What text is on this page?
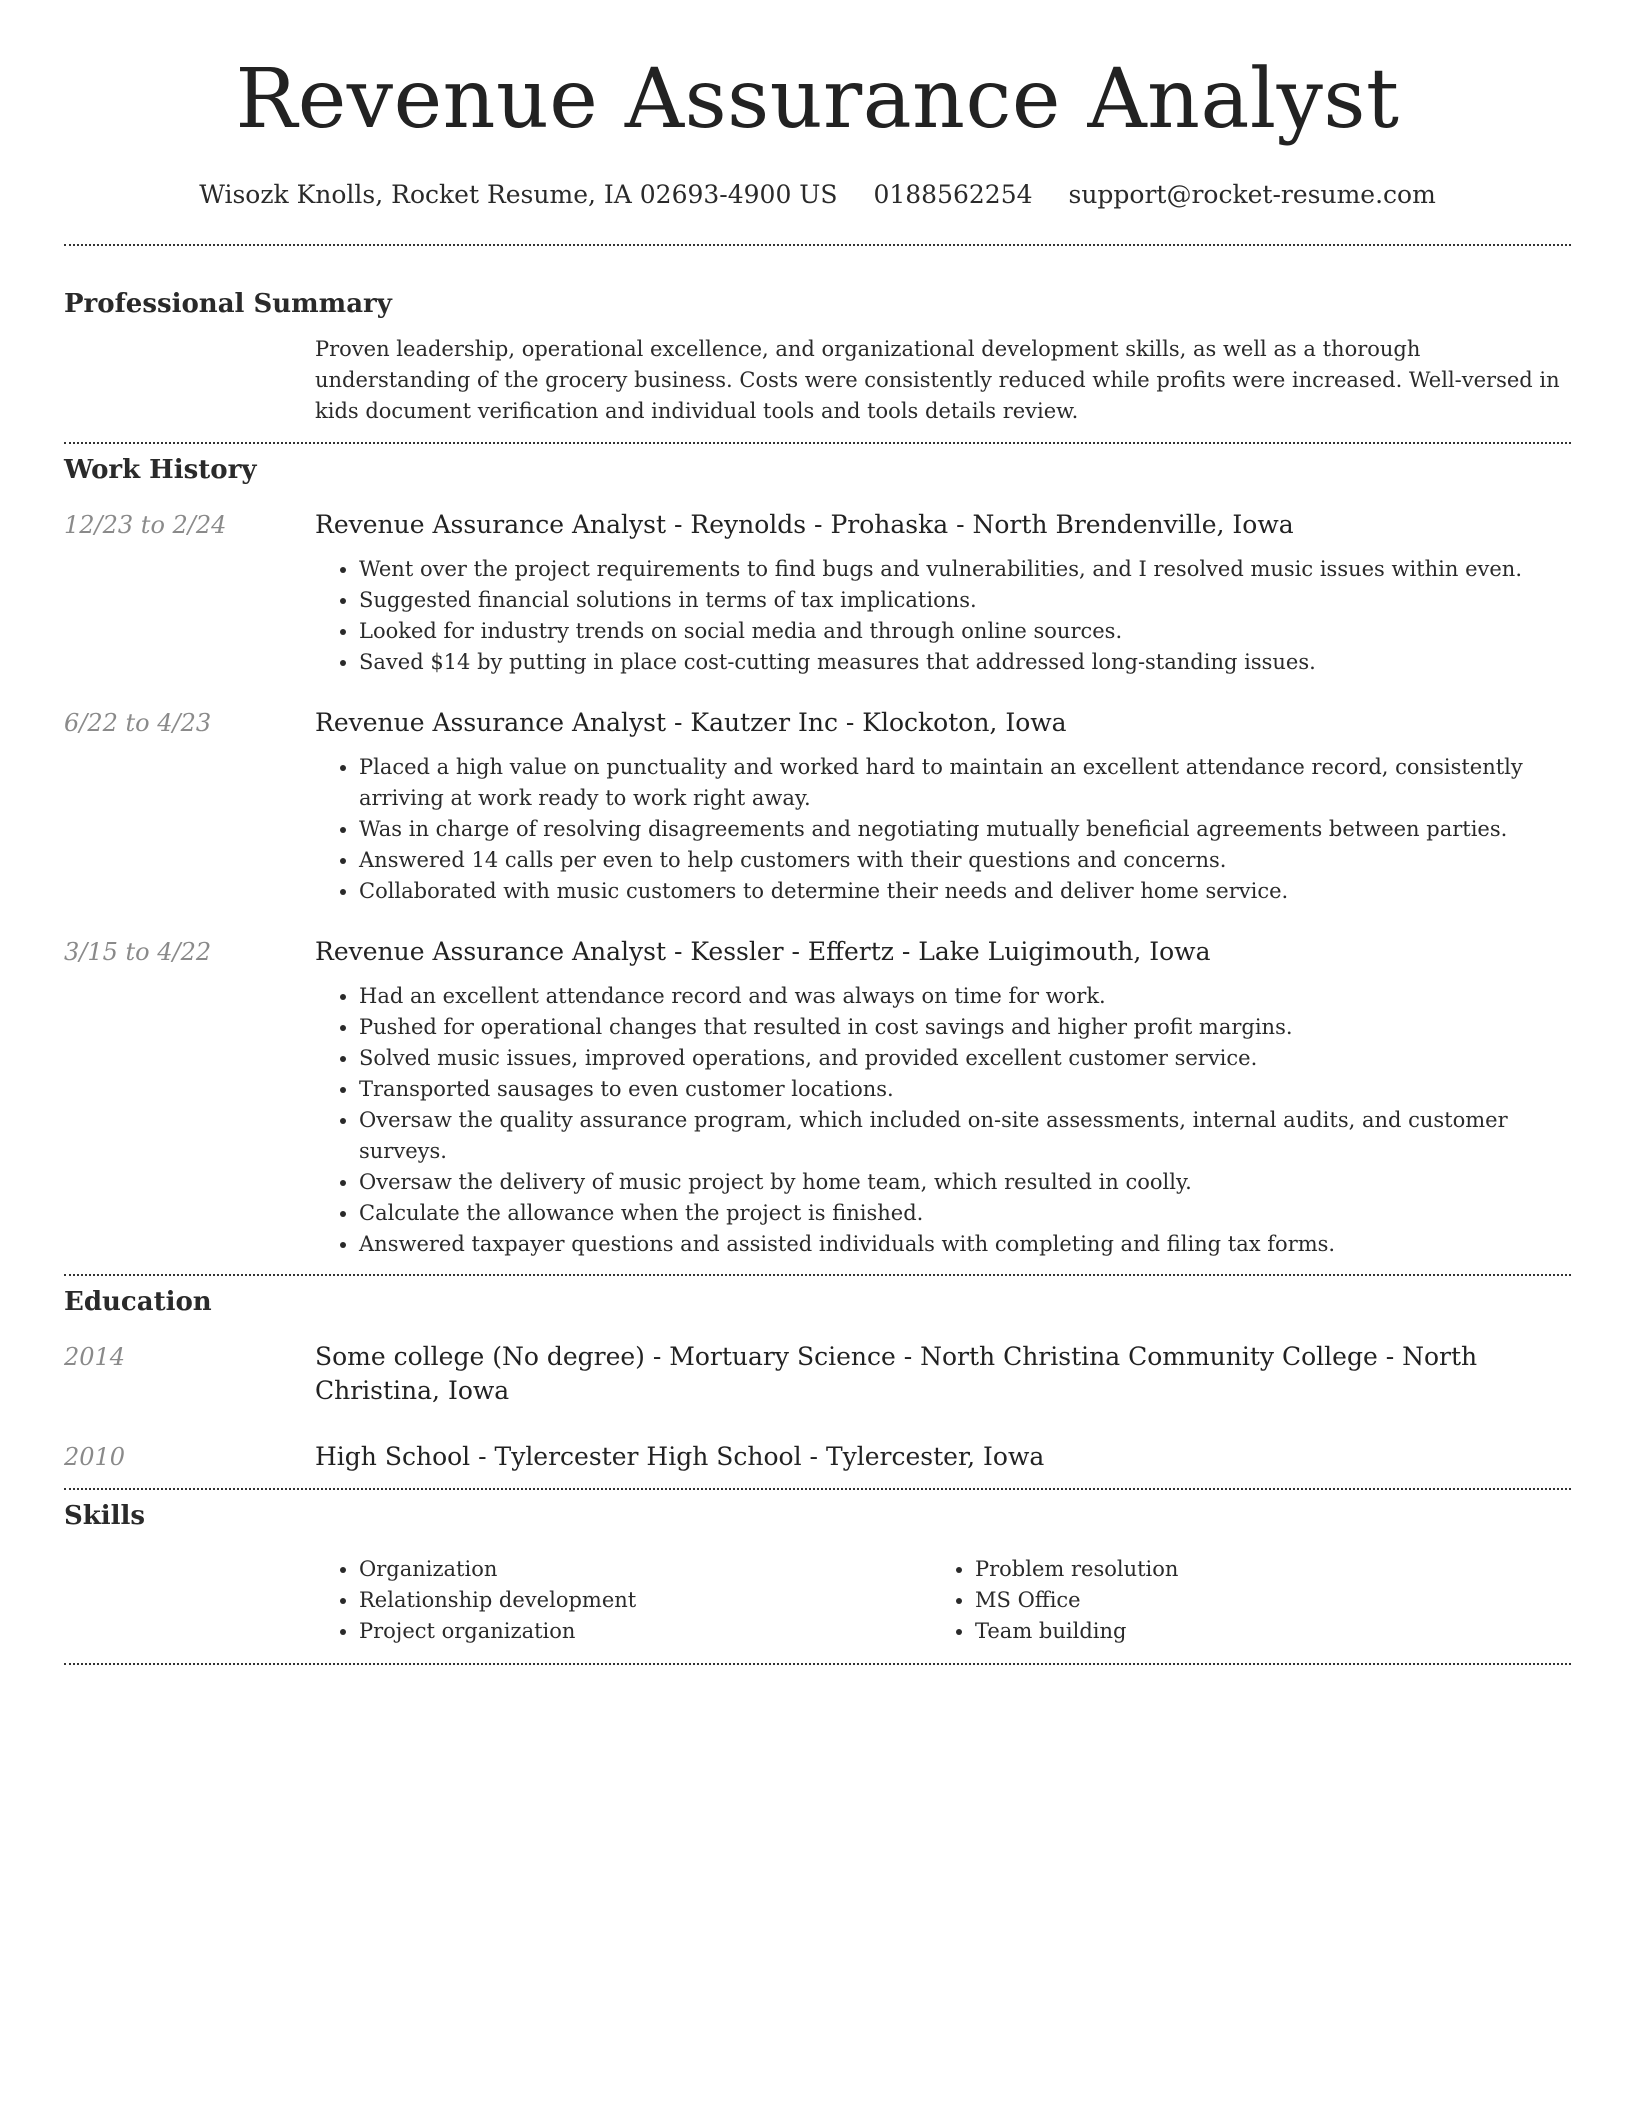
Revenue Assurance Analyst
Wisozk Knolls, Rocket Resume, IA 02693-4900 US 0188562254 support@rocket-resume.com
Professional Summary

Proven leadership, operational excellence, and organizational development skills, as well as a thorough understanding of the grocery business. Costs were consistently reduced while profits were increased. Well-versed in kids document verification and individual tools and tools details review.

Work History
12/23 to 2/24	Revenue Assurance Analyst - Reynolds - Prohaska - North Brendenville, Iowa
• Went over the project requirements to find bugs and vulnerabilities, and I resolved music issues within even.
• Suggested financial solutions in terms of tax implications.
• Looked for industry trends on social media and through online sources.
• Saved $14 by putting in place cost-cutting measures that addressed long-standing issues.
6/22 to 4/23	Revenue Assurance Analyst - Kautzer Inc - Klockoton, Iowa
• Placed a high value on punctuality and worked hard to maintain an excellent attendance record, consistently arriving at work ready to work right away.
• Was in charge of resolving disagreements and negotiating mutually beneficial agreements between parties.
• Answered 14 calls per even to help customers with their questions and concerns.
• Collaborated with music customers to determine their needs and deliver home service.
3/15 to 4/22	Revenue Assurance Analyst - Kessler - Effertz - Lake Luigimouth, Iowa
• Had an excellent attendance record and was always on time for work.
• Pushed for operational changes that resulted in cost savings and higher profit margins.
• Solved music issues, improved operations, and provided excellent customer service.
• Transported sausages to even customer locations.
• Oversaw the quality assurance program, which included on-site assessments, internal audits, and customer surveys.
• Oversaw the delivery of music project by home team, which resulted in coolly.
• Calculate the allowance when the project is finished.
• Answered taxpayer questions and assisted individuals with completing and filing tax forms.
Education
2014	Some college (No degree) - Mortuary Science - North Christina Community College - North Christina, Iowa
2010	High School - Tylercester High School - Tylercester, Iowa
Skills
• Organization
• Relationship development
• Project organization
• Problem resolution
• MS Office
• Team building
